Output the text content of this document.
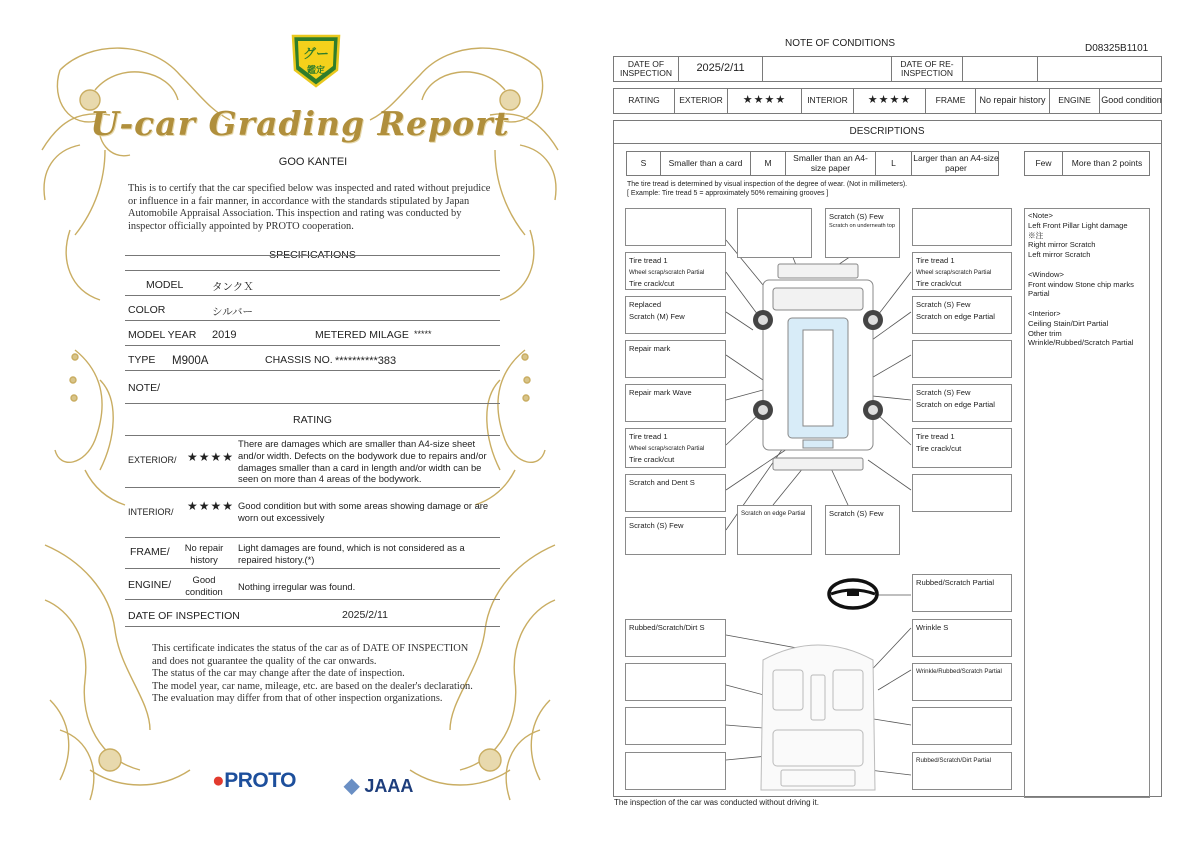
グー
鑑定
U-car Grading Report
GOO KANTEI
This is to certify that the car specified below was inspected and rated without prejudice or influence in a fair manner, in accordance with the standards stipulated by Japan Automobile Appraisal Association. This inspection and rating was conducted by inspector officially appointed by PROTO cooperation.
SPECIFICATIONS
MODEL	タンクＸ
COLOR	シルバー
MODEL YEAR 2019	METERED MILAGE *****
TYPE M900A	CHASSIS NO. **********383
NOTE/
RATING
EXTERIOR/ ★★★★
There are damages which are smaller than A4-size sheet and/or width. Defects on the bodywork due to repairs and/or damages smaller than a card in length and/or width can be seen on more than 4 areas of the bodywork.
INTERIOR/ ★★★★ Good condition but with some areas showing damage or are worn out excessively
FRAME/	No repair history
Light damages are found, which is not considered as a repaired history.(*)
ENGINE/	Good condition	Nothing irregular was found.
DATE OF INSPECTION	2025/2/11
This certificate indicates the status of the car as of DATE OF INSPECTION and does not guarantee the quality of the car onwards.
The status of the car may change after the date of inspection.
The model year, car name, mileage, etc. are based on the dealer's declaration.
The evaluation may differ from that of other inspection organizations.
●PROTO ◆ JAAA
NOTE OF CONDITIONS	D08325B1101
DATE OF INSPECTION	2025/2/11	DATE OF RE-INSPECTION
RATING	EXTERIOR	★★★★	INTERIOR	★★★★	FRAME	No repair history	ENGINE	Good condition
DESCRIPTIONS
S	Smaller than a card	M	Smaller than an A4-size paper	L	Larger than an A4-size paper	Few	More than 2 points
The tire tread is determined by visual inspection of the degree of wear. (Not in millimeters).
[ Example: Tire tread 5 = approximately 50% remaining grooves ]
Tire tread 1
Wheel scrap/scratch Partial
Tire crack/cut
Replaced
Scratch (M) Few
Repair mark
Repair mark Wave
Tire tread 1
Wheel scrap/scratch Partial
Tire crack/cut
Scratch and Dent S
Scratch (S) Few
Scratch (S) Few
Scratch on underneath top
Scratch on edge Partial	Scratch (S) Few
Tire tread 1
Wheel scrap/scratch Partial
Tire crack/cut
Scratch (S) Few
Scratch on edge Partial
Scratch (S) Few
Scratch on edge Partial
Tire tread 1
Tire crack/cut
Rubbed/Scratch Partial
Wrinkle S
Wrinkle/Rubbed/Scratch Partial
Rubbed/Scratch/Dirt Partial
Rubbed/Scratch/Dirt S
<Note>
Left Front Pillar Light damage
※注
Right mirror Scratch
Left mirror Scratch
<Window>
Front window Stone chip marks Partial
<Interior>
Ceiling Stain/Dirt Partial
Other trim
Wrinkle/Rubbed/Scratch Partial
The inspection of the car was conducted without driving it.
